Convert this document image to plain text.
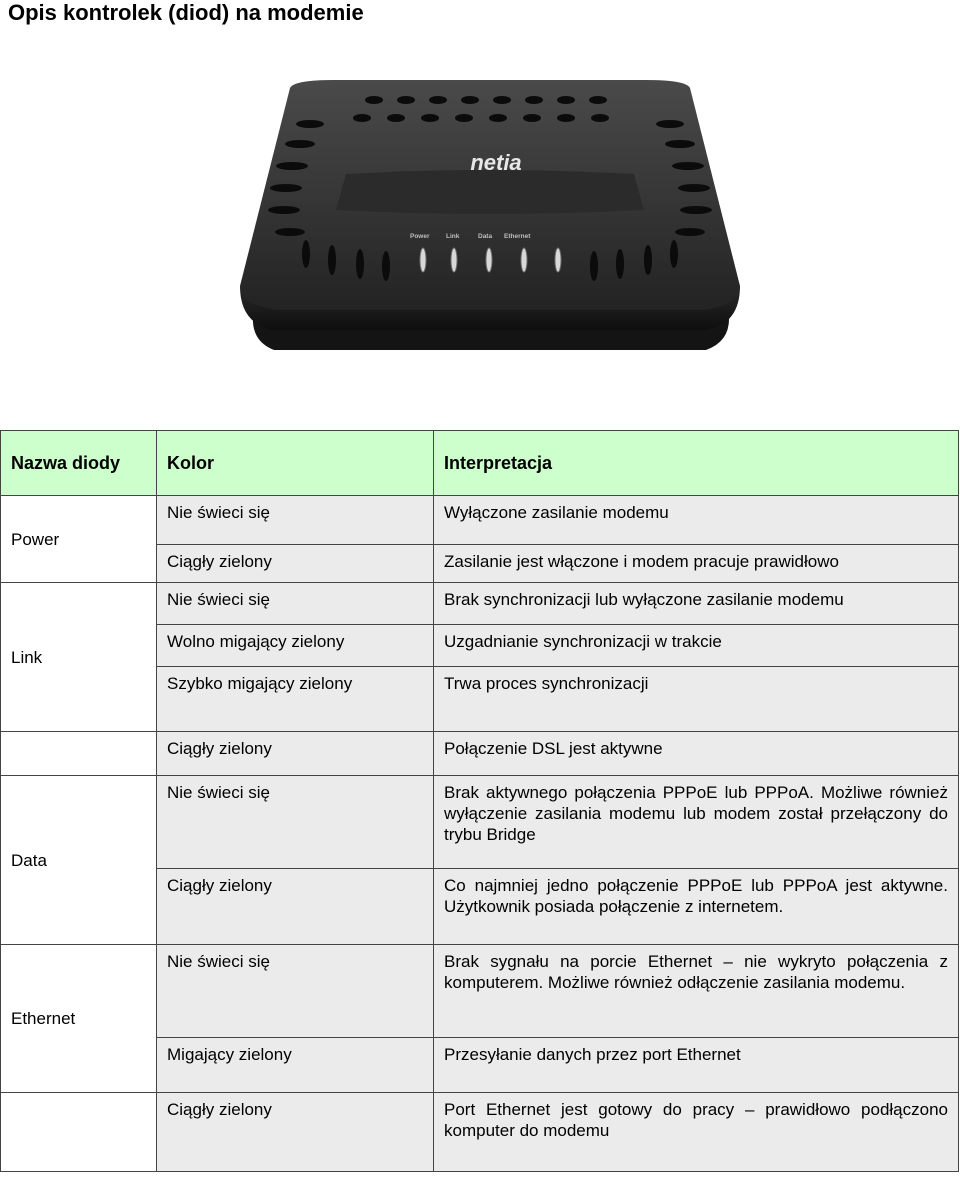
Opis kontrolek (diod) na modemie
netia
Power	Link	Data Ethernet
Nazwa diody	Kolor	Interpretacja
Power	Nie świeci się	Wyłączone zasilanie modemu
	Ciągły zielony	Zasilanie jest włączone i modem pracuje prawidłowo
Link	Nie świeci się	Brak synchronizacji lub wyłączone zasilanie modemu
	Wolno migający zielony	Uzgadnianie synchronizacji w trakcie
	Szybko migający zielony	Trwa proces synchronizacji
	Ciągły zielony	Połączenie DSL jest aktywne
Data	Nie świeci się	Brak aktywnego połączenia PPPoE lub PPPoA. Możliwe również wyłączenie zasilania modemu lub modem został przełączony do trybu Bridge
	Ciągły zielony	Co najmniej jedno połączenie PPPoE lub PPPoA jest aktywne. Użytkownik posiada połączenie z internetem.
Ethernet	Nie świeci się	Brak sygnału na porcie Ethernet – nie wykryto połączenia z komputerem. Możliwe również odłączenie zasilania modemu.
	Migający zielony	Przesyłanie danych przez port Ethernet
	Ciągły zielony	Port Ethernet jest gotowy do pracy – prawidłowo podłączono komputer do modemu
